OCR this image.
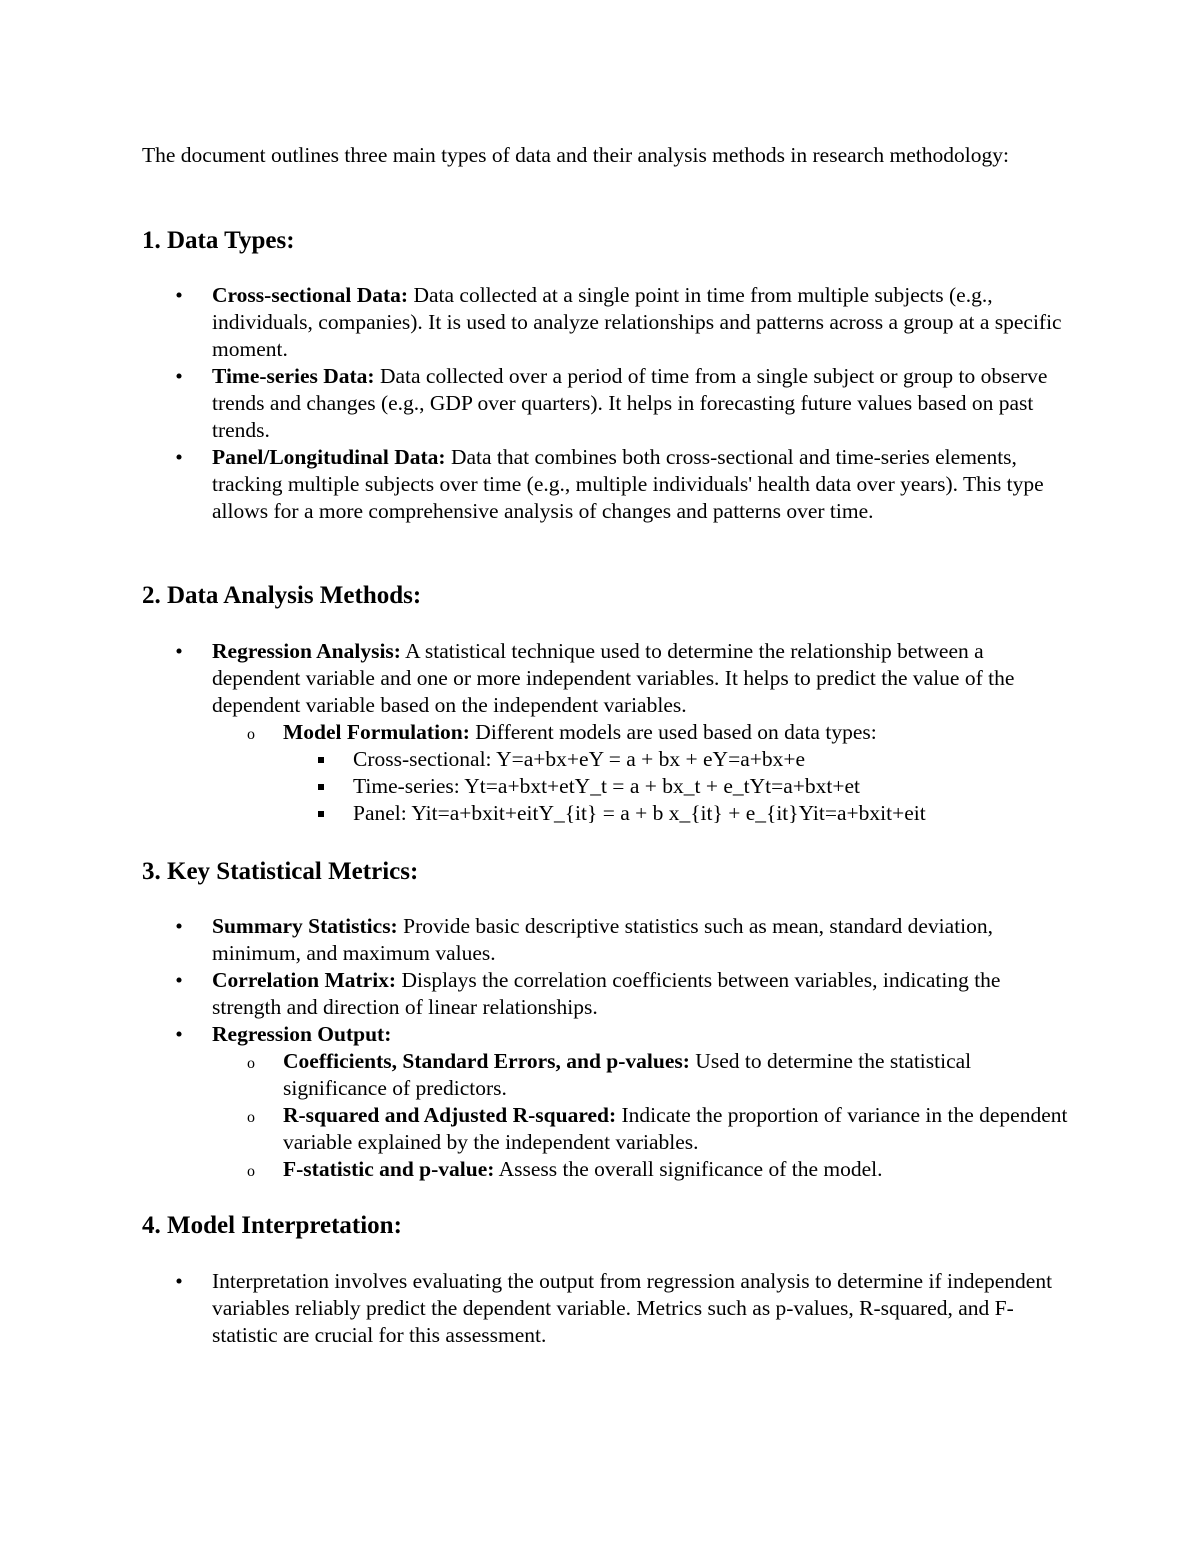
The document outlines three main types of data and their analysis methods in research methodology:

1. Data Types:
• Cross-sectional Data: Data collected at a single point in time from multiple subjects (e.g., individuals, companies). It is used to analyze relationships and patterns across a group at a specific moment.
• Time-series Data: Data collected over a period of time from a single subject or group to observe trends and changes (e.g., GDP over quarters). It helps in forecasting future values based on past trends.
• Panel/Longitudinal Data: Data that combines both cross-sectional and time-series elements, tracking multiple subjects over time (e.g., multiple individuals' health data over years). This type allows for a more comprehensive analysis of changes and patterns over time.
2. Data Analysis Methods:
• Regression Analysis: A statistical technique used to determine the relationship between a dependent variable and one or more independent variables. It helps to predict the value of the dependent variable based on the independent variables.
o Model Formulation: Different models are used based on data types:
Cross-sectional: Y=a+bx+eY = a + bx + eY=a+bx+e
Time-series: Yt=a+bxt+etY_t = a + bx_t + e_tYt=a+bxt+et
Panel: Yit=a+bxit+eitY_{it} = a + b x_{it} + e_{it}Yit=a+bxit+eit
3. Key Statistical Metrics:
• Summary Statistics: Provide basic descriptive statistics such as mean, standard deviation, minimum, and maximum values.
• Correlation Matrix: Displays the correlation coefficients between variables, indicating the strength and direction of linear relationships.
• Regression Output:
o Coefficients, Standard Errors, and p-values: Used to determine the statistical significance of predictors.
o R-squared and Adjusted R-squared: Indicate the proportion of variance in the dependent variable explained by the independent variables.
o F-statistic and p-value: Assess the overall significance of the model.
4. Model Interpretation:
• Interpretation involves evaluating the output from regression analysis to determine if independent variables reliably predict the dependent variable. Metrics such as p-values, R-squared, and F-statistic are crucial for this assessment.
